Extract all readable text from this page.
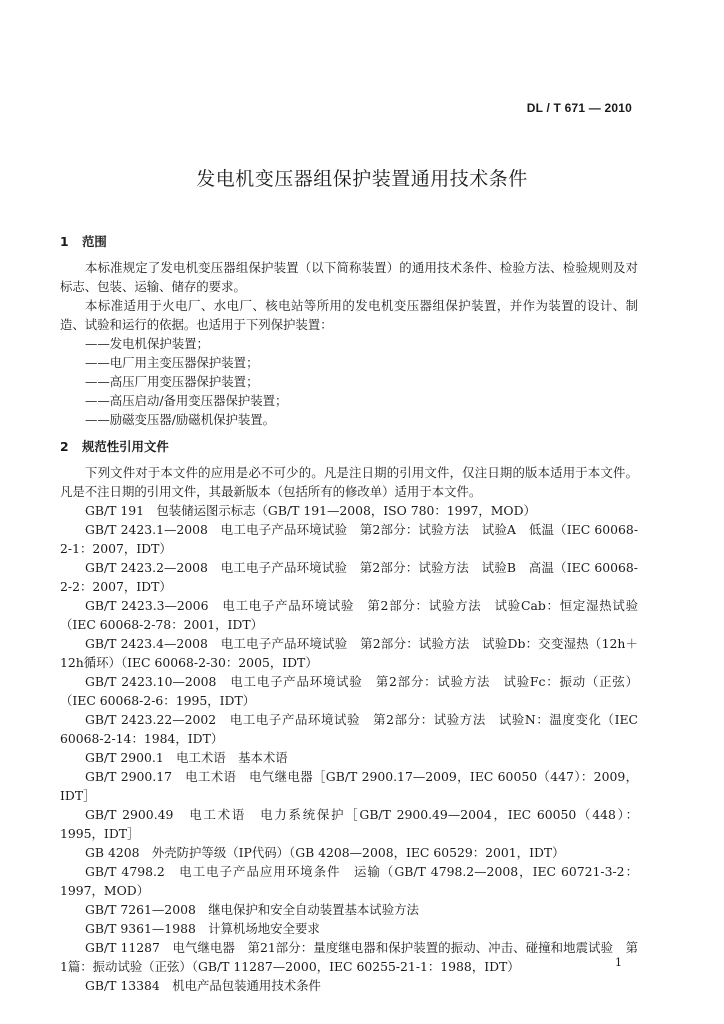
DL / T 671 — 2010
发电机变压器组保护装置通用技术条件
1 范围

本标准规定了发电机变压器组保护装置（以下简称装置）的通用技术条件、检验方法、检验规则及对标志、包装、运输、储存的要求。

本标准适用于火电厂、水电厂、核电站等所用的发电机变压器组保护装置，并作为装置的设计、制造、试验和运行的依据。也适用于下列保护装置：

——发电机保护装置；

——电厂用主变压器保护装置；

——高压厂用变压器保护装置；

——高压启动/备用变压器保护装置；

——励磁变压器/励磁机保护装置。

2 规范性引用文件

下列文件对于本文件的应用是必不可少的。凡是注日期的引用文件，仅注日期的版本适用于本文件。凡是不注日期的引用文件，其最新版本（包括所有的修改单）适用于本文件。

GB/T 191　包装储运图示标志（GB/T 191—2008，ISO 780：1997，MOD）

GB/T 2423.1—2008　电工电子产品环境试验　第2部分：试验方法　试验A　低温（IEC 60068-2-1：2007，IDT）

GB/T 2423.2—2008　电工电子产品环境试验　第2部分：试验方法　试验B　高温（IEC 60068-2-2：2007，IDT）

GB/T 2423.3—2006　电工电子产品环境试验　第2部分：试验方法　试验Cab：恒定湿热试验（IEC 60068-2-78：2001，IDT）

GB/T 2423.4—2008　电工电子产品环境试验　第2部分：试验方法　试验Db：交变湿热（12h＋12h循环）（IEC 60068-2-30：2005，IDT）

GB/T 2423.10—2008　电工电子产品环境试验　第2部分：试验方法　试验Fc：振动（正弦）（IEC 60068-2-6：1995，IDT）

GB/T 2423.22—2002　电工电子产品环境试验　第2部分：试验方法　试验N：温度变化（IEC 60068-2-14：1984，IDT）

GB/T 2900.1　电工术语　基本术语

GB/T 2900.17　电工术语　电气继电器［GB/T 2900.17—2009，IEC 60050（447）：2009，IDT］

GB/T 2900.49　电工术语　电力系统保护［GB/T 2900.49—2004，IEC 60050（448）：1995，IDT］

GB 4208　外壳防护等级（IP代码）（GB 4208—2008，IEC 60529：2001，IDT）

GB/T 4798.2　电工电子产品应用环境条件　运输（GB/T 4798.2—2008，IEC 60721-3-2：1997，MOD）

GB/T 7261—2008　继电保护和安全自动装置基本试验方法

GB/T 9361—1988　计算机场地安全要求

GB/T 11287　电气继电器　第21部分：量度继电器和保护装置的振动、冲击、碰撞和地震试验　第1篇：振动试验（正弦）（GB/T 11287—2000，IEC 60255-21-1：1988，IDT）

GB/T 13384　机电产品包装通用技术条件

1
